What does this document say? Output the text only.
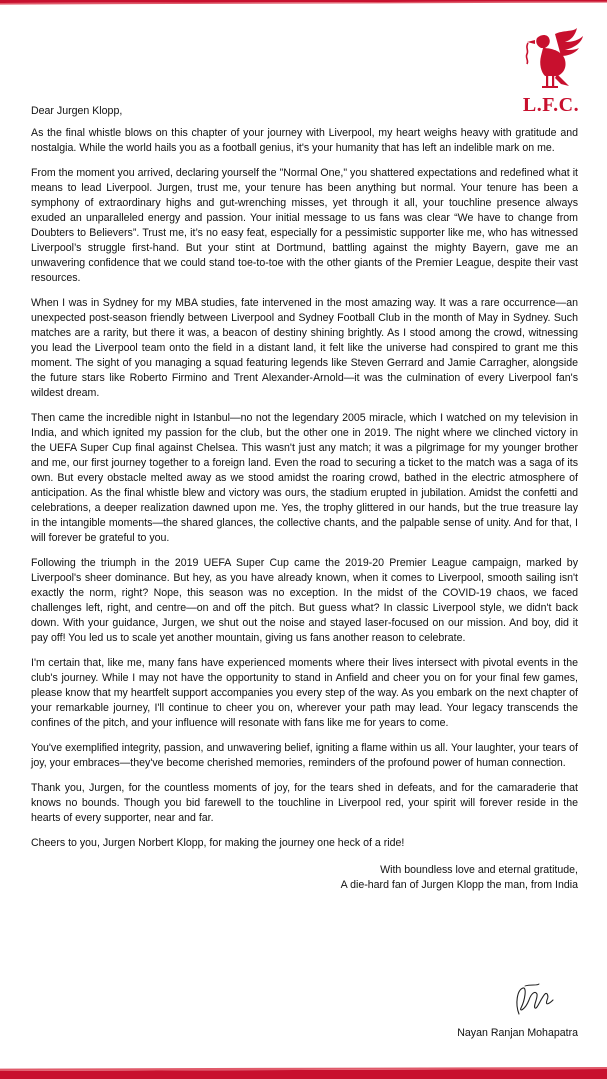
L.F.C.

Dear Jurgen Klopp,

As the final whistle blows on this chapter of your journey with Liverpool, my heart weighs heavy with gratitude and nostalgia. While the world hails you as a football genius, it's your humanity that has left an indelible mark on me.

From the moment you arrived, declaring yourself the "Normal One," you shattered expectations and redefined what it means to lead Liverpool. Jurgen, trust me, your tenure has been anything but normal. Your tenure has been a symphony of extraordinary highs and gut-wrenching misses, yet through it all, your touchline presence always exuded an unparalleled energy and passion. Your initial message to us fans was clear “We have to change from Doubters to Believers”. Trust me, it’s no easy feat, especially for a pessimistic supporter like me, who has witnessed Liverpool’s struggle first-hand. But your stint at Dortmund, battling against the mighty Bayern, gave me an unwavering confidence that we could stand toe-to-toe with the other giants of the Premier League, despite their vast resources.

When I was in Sydney for my MBA studies, fate intervened in the most amazing way. It was a rare occurrence—an unexpected post-season friendly between Liverpool and Sydney Football Club in the month of May in Sydney. Such matches are a rarity, but there it was, a beacon of destiny shining brightly. As I stood among the crowd, witnessing you lead the Liverpool team onto the field in a distant land, it felt like the universe had conspired to grant me this moment. The sight of you managing a squad featuring legends like Steven Gerrard and Jamie Carragher, alongside the future stars like Roberto Firmino and Trent Alexander-Arnold—it was the culmination of every Liverpool fan's wildest dream.

Then came the incredible night in Istanbul—no not the legendary 2005 miracle, which I watched on my television in India, and which ignited my passion for the club, but the other one in 2019. The night where we clinched victory in the UEFA Super Cup final against Chelsea. This wasn't just any match; it was a pilgrimage for my younger brother and me, our first journey together to a foreign land. Even the road to securing a ticket to the match was a saga of its own. But every obstacle melted away as we stood amidst the roaring crowd, bathed in the electric atmosphere of anticipation. As the final whistle blew and victory was ours, the stadium erupted in jubilation. Amidst the confetti and celebrations, a deeper realization dawned upon me. Yes, the trophy glittered in our hands, but the true treasure lay in the intangible moments—the shared glances, the collective chants, and the palpable sense of unity. And for that, I will forever be grateful to you.

Following the triumph in the 2019 UEFA Super Cup came the 2019-20 Premier League campaign, marked by Liverpool's sheer dominance. But hey, as you have already known, when it comes to Liverpool, smooth sailing isn't exactly the norm, right? Nope, this season was no exception. In the midst of the COVID-19 chaos, we faced challenges left, right, and centre—on and off the pitch. But guess what? In classic Liverpool style, we didn't back down. With your guidance, Jurgen, we shut out the noise and stayed laser-focused on our mission. And boy, did it pay off! You led us to scale yet another mountain, giving us fans another reason to celebrate.

I'm certain that, like me, many fans have experienced moments where their lives intersect with pivotal events in the club's journey. While I may not have the opportunity to stand in Anfield and cheer you on for your final few games, please know that my heartfelt support accompanies you every step of the way. As you embark on the next chapter of your remarkable journey, I'll continue to cheer you on, wherever your path may lead. Your legacy transcends the confines of the pitch, and your influence will resonate with fans like me for years to come.

You've exemplified integrity, passion, and unwavering belief, igniting a flame within us all. Your laughter, your tears of joy, your embraces—they've become cherished memories, reminders of the profound power of human connection.

Thank you, Jurgen, for the countless moments of joy, for the tears shed in defeats, and for the camaraderie that knows no bounds. Though you bid farewell to the touchline in Liverpool red, your spirit will forever reside in the hearts of every supporter, near and far.

Cheers to you, Jurgen Norbert Klopp, for making the journey one heck of a ride!

With boundless love and eternal gratitude,
A die-hard fan of Jurgen Klopp the man, from India

Nayan Ranjan Mohapatra
